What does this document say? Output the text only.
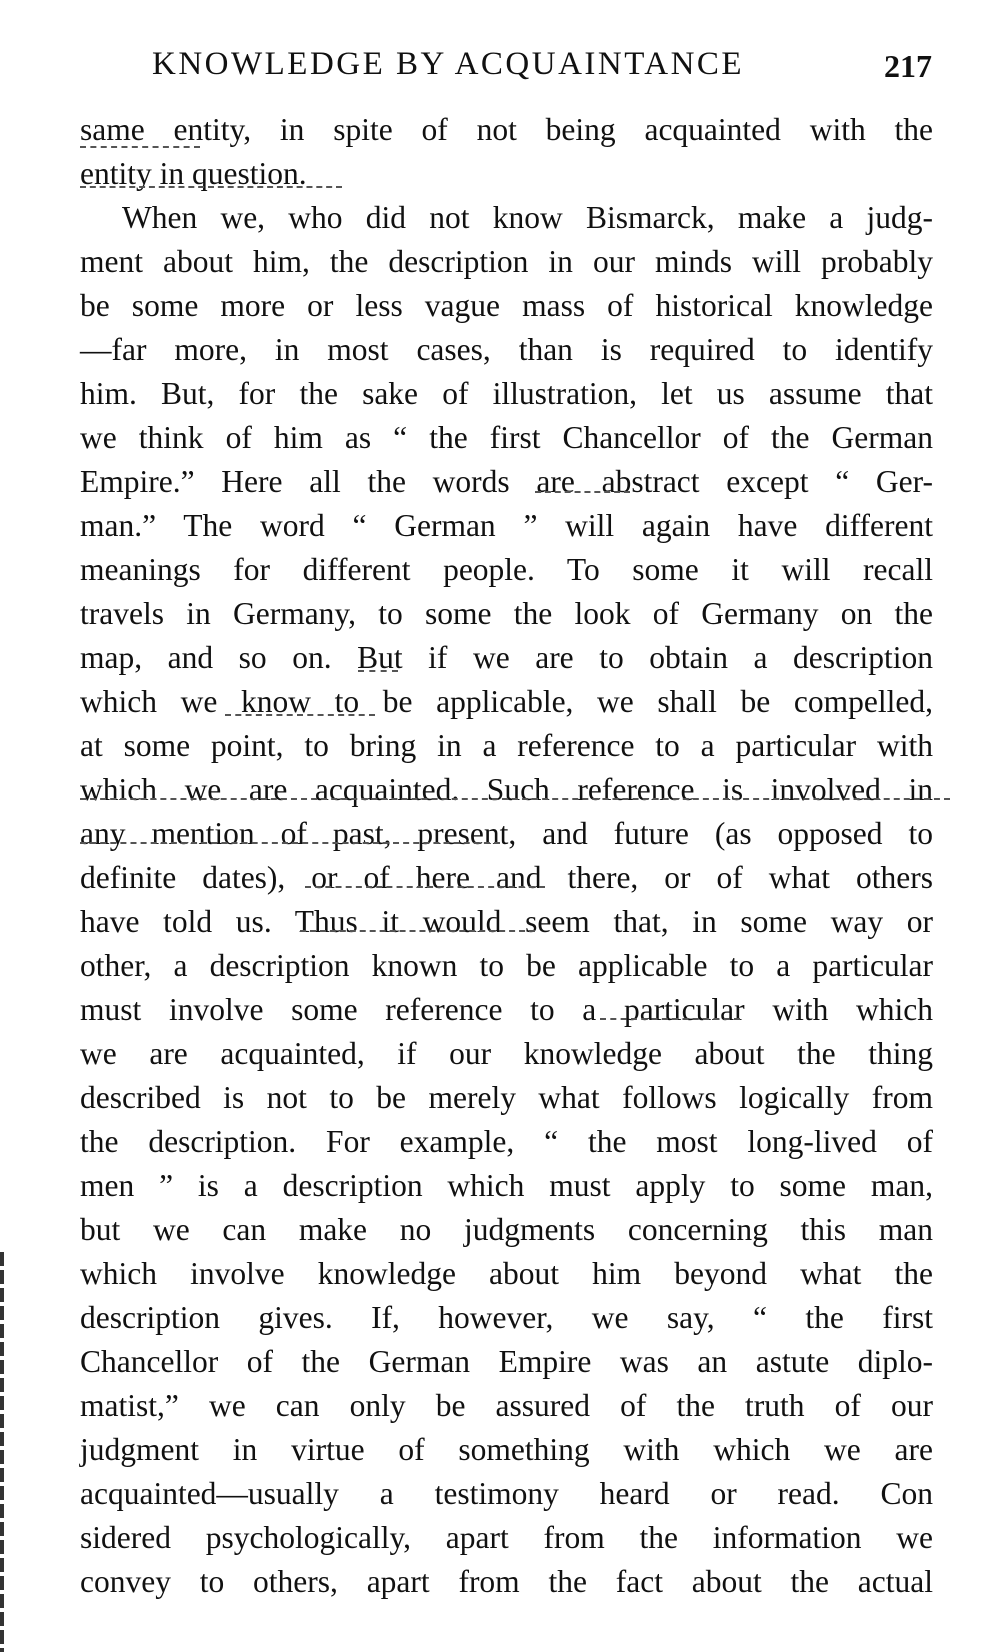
KNOWLEDGE BY ACQUAINTANCE	217
same entity, in spite of not being acquainted with the
entity in question.
When we, who did not know Bismarck, make a judg-
ment about him, the description in our minds will probably
be some more or less vague mass of historical knowledge
—far more, in most cases, than is required to identify
him. But, for the sake of illustration, let us assume that
we think of him as “ the first Chancellor of the German
Empire.” Here all the words are abstract except “ Ger-
man.” The word “ German ” will again have different
meanings for different people. To some it will recall
travels in Germany, to some the look of Germany on the
map, and so on. But if we are to obtain a description
which we know to be applicable, we shall be compelled,
at some point, to bring in a reference to a particular with
which we are acquainted. Such reference is involved in
any mention of past, present, and future (as opposed to
definite dates), or of here and there, or of what others
have told us. Thus it would seem that, in some way or
other, a description known to be applicable to a particular
must involve some reference to a particular with which
we are acquainted, if our knowledge about the thing
described is not to be merely what follows logically from
the description. For example, “ the most long-lived of
men ” is a description which must apply to some man,
but we can make no judgments concerning this man
which involve knowledge about him beyond what the
description gives. If, however, we say, “ the first
Chancellor of the German Empire was an astute diplo-
matist,” we can only be assured of the truth of our
judgment in virtue of something with which we are
acquainted—usually a testimony heard or read. Con
sidered psychologically, apart from the information we
convey to others, apart from the fact about the actual
